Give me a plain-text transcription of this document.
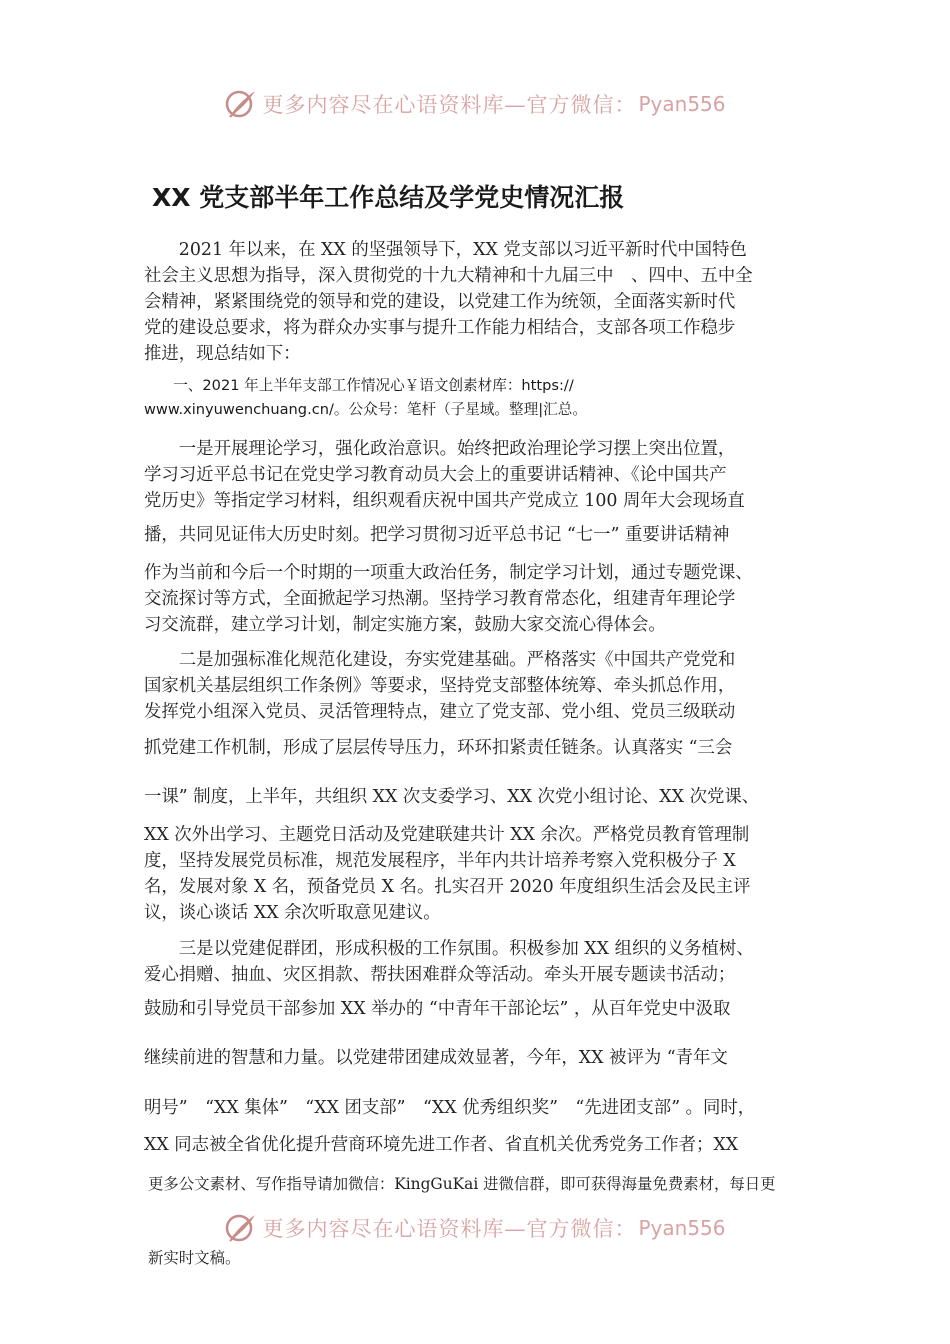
更多内容尽在心语资料库—官方微信： Pyan556
XX 党支部半年工作总结及学党史情况汇报
　　2021 年以来，在 XX 的坚强领导下，XX 党支部以习近平新时代中国特色
社会主义思想为指导，深入贯彻党的十九大精神和十九届三中　、四中、五中全
会精神，紧紧围绕党的领导和党的建设，以党建工作为统领，全面落实新时代
党的建设总要求，将为群众办实事与提升工作能力相结合，支部各项工作稳步
推进，现总结如下：
　　一、2021 年上半年支部工作情况心￥语文创素材库：https://
www.xinyuwenchuang.cn/。公众号：笔杆（子星域。整理|汇总。
　　一是开展理论学习，强化政治意识。始终把政治理论学习摆上突出位置，
学习习近平总书记在党史学习教育动员大会上的重要讲话精神、《论中国共产
党历史》等指定学习材料，组织观看庆祝中国共产党成立 100 周年大会现场直
播，共同见证伟大历史时刻。把学习贯彻习近平总书记 “七一” 重要讲话精神
作为当前和今后一个时期的一项重大政治任务，制定学习计划，通过专题党课、
交流探讨等方式，全面掀起学习热潮。坚持学习教育常态化，组建青年理论学
习交流群，建立学习计划，制定实施方案，鼓励大家交流心得体会。
　　二是加强标准化规范化建设，夯实党建基础。严格落实《中国共产党党和
国家机关基层组织工作条例》等要求，坚持党支部整体统筹、牵头抓总作用，
发挥党小组深入党员、灵活管理特点，建立了党支部、党小组、党员三级联动
抓党建工作机制，形成了层层传导压力，环环扣紧责任链条。认真落实 “三会
一课” 制度，上半年，共组织 XX 次支委学习、XX 次党小组讨论、XX 次党课、
XX 次外出学习、主题党日活动及党建联建共计 XX 余次。严格党员教育管理制
度，坚持发展党员标准，规范发展程序，半年内共计培养考察入党积极分子 X
名，发展对象 X 名，预备党员 X 名。扎实召开 2020 年度组织生活会及民主评
议，谈心谈话 XX 余次听取意见建议。
　　三是以党建促群团，形成积极的工作氛围。积极参加 XX 组织的义务植树、
爱心捐赠、抽血、灾区捐款、帮扶困难群众等活动。牵头开展专题读书活动；
鼓励和引导党员干部参加 XX 举办的 “中青年干部论坛” ，从百年党史中汲取
继续前进的智慧和力量。以党建带团建成效显著，今年，XX 被评为 “青年文
明号”　“XX 集体”　“XX 团支部”　“XX 优秀组织奖”　“先进团支部” 。同时，
XX 同志被全省优化提升营商环境先进工作者、省直机关优秀党务工作者；XX
更多公文素材、写作指导请加微信：KingGuKai 进微信群，即可获得海量免费素材，每日更
更多内容尽在心语资料库—官方微信： Pyan556
新实时文稿。
